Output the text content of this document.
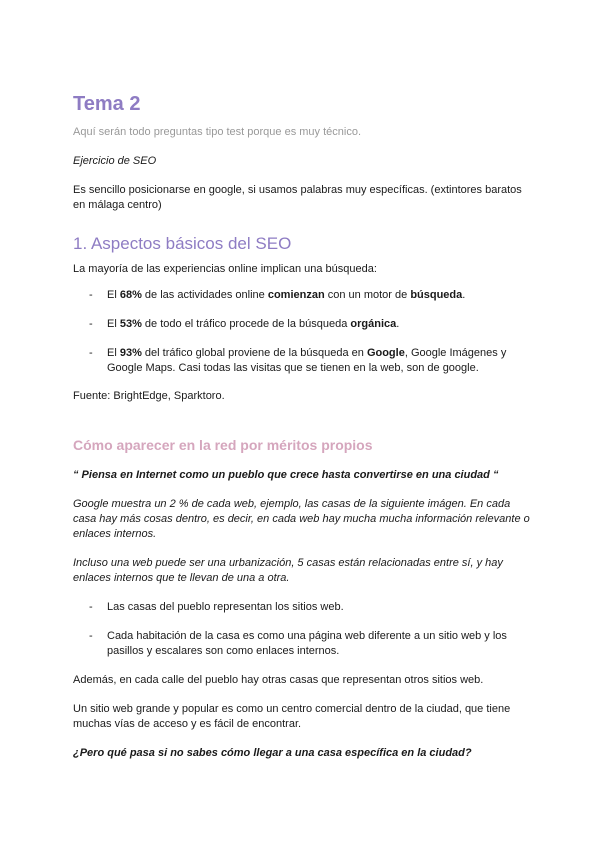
Tema 2

Aquí serán todo preguntas tipo test porque es muy técnico.

Ejercicio de SEO

Es sencillo posicionarse en google, si usamos palabras muy específicas. (extintores baratos en málaga centro)

1. Aspectos básicos del SEO

La mayoría de las experiencias online implican una búsqueda:

- El 68% de las actividades online comienzan con un motor de búsqueda.
- El 53% de todo el tráfico procede de la búsqueda orgánica.
- El 93% del tráfico global proviene de la búsqueda en Google, Google Imágenes y Google Maps. Casi todas las visitas que se tienen en la web, son de google.

Fuente: BrightEdge, Sparktoro.

Cómo aparecer en la red por méritos propios

“ Piensa en Internet como un pueblo que crece hasta convertirse en una ciudad “

Google muestra un 2 % de cada web, ejemplo, las casas de la siguiente imágen. En cada casa hay más cosas dentro, es decir, en cada web hay mucha mucha información relevante o enlaces internos.

Incluso una web puede ser una urbanización, 5 casas están relacionadas entre sí, y hay enlaces internos que te llevan de una a otra.

- Las casas del pueblo representan los sitios web.
- Cada habitación de la casa es como una página web diferente a un sitio web y los pasillos y escalares son como enlaces internos.

Además, en cada calle del pueblo hay otras casas que representan otros sitios web.

Un sitio web grande y popular es como un centro comercial dentro de la ciudad, que tiene muchas vías de acceso y es fácil de encontrar.

¿Pero qué pasa si no sabes cómo llegar a una casa específica en la ciudad?
